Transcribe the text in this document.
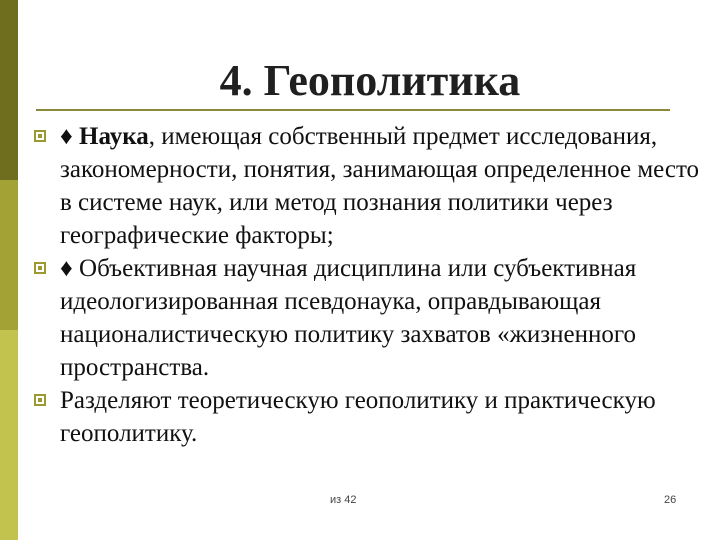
4. Геополитика
♦ Наука, имеющая собственный предмет исследования, закономерности, понятия, занимающая определенное место в системе наук, или метод познания политики через географические факторы;
♦ Объективная научная дисциплина или субъективная идеологизированная псевдонаука, оправдывающая националистическую политику захватов «жизненного пространства.
Разделяют теоретическую геополитику и практическую геополитику.
из 42	26
